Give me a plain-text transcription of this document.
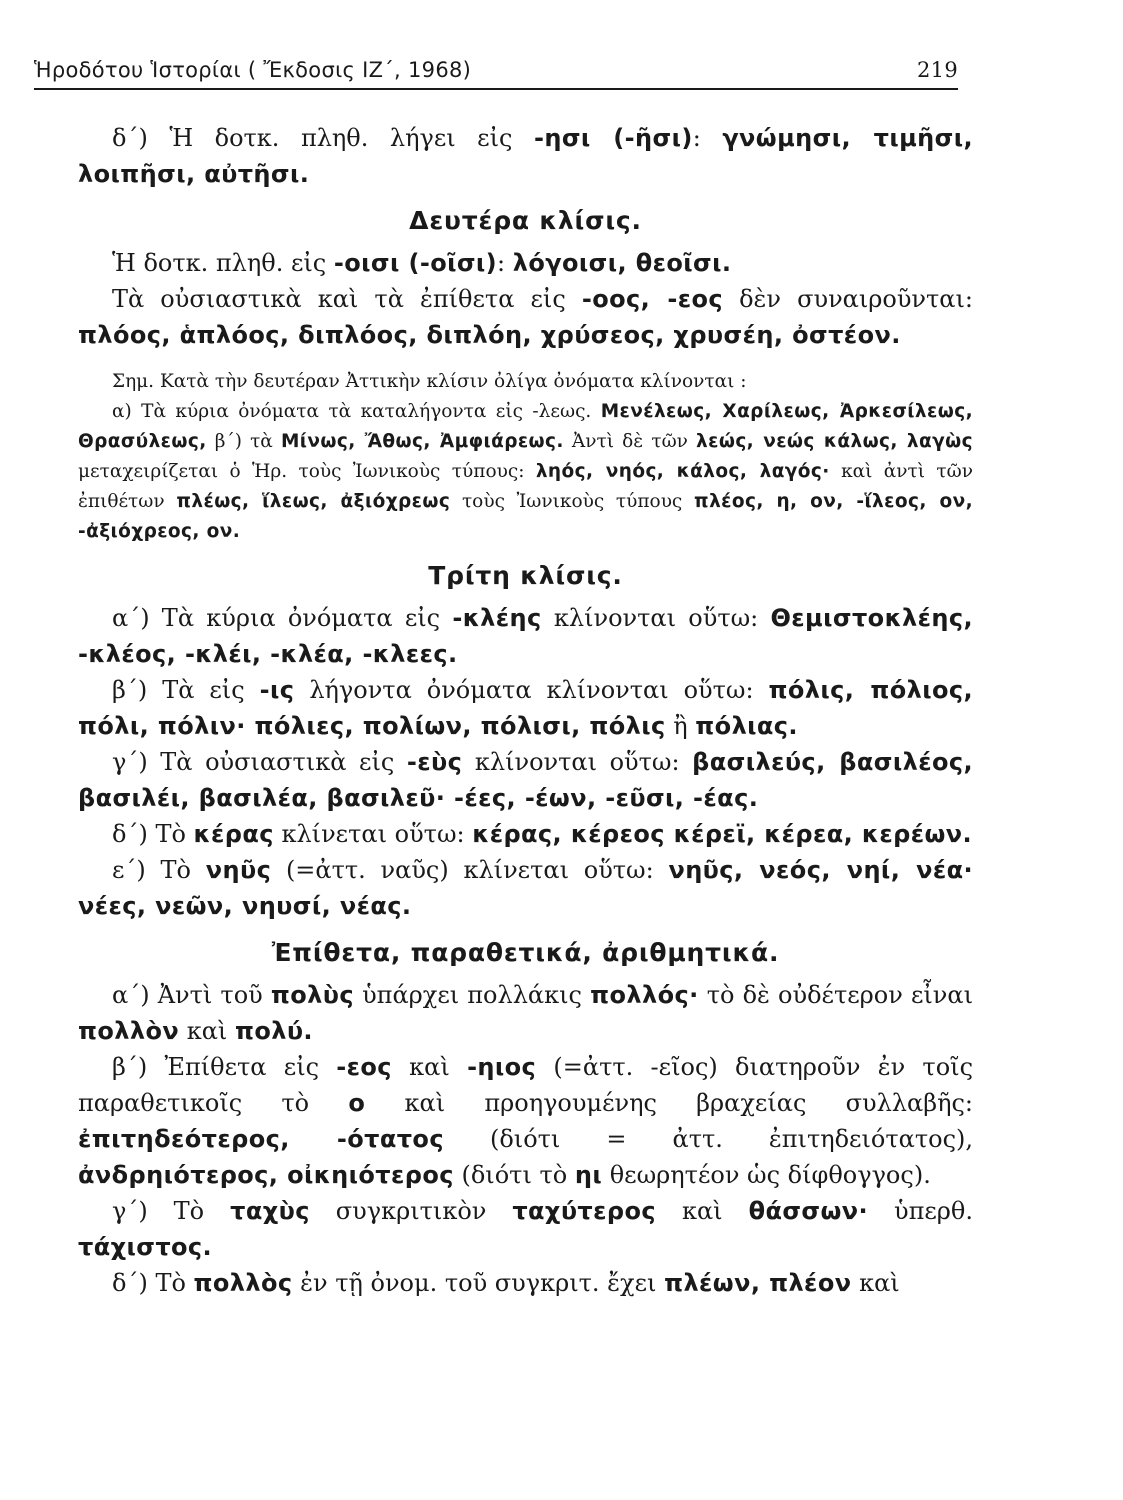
Ἡροδότου Ἱστορίαι ( Ἔκδοσις ΙΖ΄, 1968)	219

δ΄) Ἡ δοτκ. πληθ. λήγει εἰς -ησι (-ῆσι): γνώμησι, τιμῆσι, λοιπῆσι, αὐτῆσι.

Δευτέρα κλίσις.

Ἡ δοτκ. πληθ. εἰς -οισι (-οῖσι): λόγοισι, θεοῖσι.

Τὰ οὐσιαστικὰ καὶ τὰ ἐπίθετα εἰς -οος, -εος δὲν συναιροῦνται: πλόος, ἁπλόος, διπλόος, διπλόη, χρύσεος, χρυσέη, ὀστέον.

Σημ. Κατὰ τὴν δευτέραν Ἀττικὴν κλίσιν ὀλίγα ὀνόματα κλίνονται :

α) Τὰ κύρια ὀνόματα τὰ καταλήγοντα εἰς -λεως. Μενέλεως, Χαρίλεως, Ἀρκεσίλεως, Θρασύλεως, β΄) τὰ Μίνως, Ἄθως, Ἀμφιάρεως. Ἀντὶ δὲ τῶν λεώς, νεώς κάλως, λαγὼς μεταχειρίζεται ὁ Ἡρ. τοὺς Ἰωνικοὺς τύπους: ληός, νηός, κάλος, λαγός· καὶ ἀντὶ τῶν ἐπιθέτων πλέως, ἵλεως, ἀξιόχρεως τοὺς Ἰωνικοὺς τύπους πλέος, η, ον, -ἵλεος, ον, -ἀξιόχρεος, ον.

Τρίτη κλίσις.

α΄) Τὰ κύρια ὀνόματα εἰς -κλέης κλίνονται οὕτω: Θεμιστοκλέης, -κλέος, -κλέι, -κλέα, -κλεες.

β΄) Τὰ εἰς -ις λήγοντα ὀνόματα κλίνονται οὕτω: πόλις, πόλιος, πόλι, πόλιν· πόλιες, πολίων, πόλισι, πόλις ἢ πόλιας.

γ΄) Τὰ οὐσιαστικὰ εἰς -εὺς κλίνονται οὕτω: βασιλεύς, βασιλέος, βασιλέι, βασιλέα, βασιλεῦ· -έες, -έων, -εῦσι, -έας.

δ΄) Τὸ κέρας κλίνεται οὕτω: κέρας, κέρεος κέρεϊ, κέρεα, κερέων.

ε΄) Τὸ νηῦς (=ἀττ. ναῦς) κλίνεται οὕτω: νηῦς, νεός, νηί, νέα· νέες, νεῶν, νηυσί, νέας.

Ἐπίθετα, παραθετικά, ἀριθμητικά.

α΄) Ἀντὶ τοῦ πολὺς ὑπάρχει πολλάκις πολλός· τὸ δὲ οὐδέτερον εἶναι πολλὸν καὶ πολύ.

β΄) Ἐπίθετα εἰς -εος καὶ -ηιος (=ἀττ. -εῖος) διατηροῦν ἐν τοῖς παραθετικοῖς τὸ ο καὶ προηγουμένης βραχείας συλλαβῆς: ἐπιτηδεότερος, -ότατος (διότι = ἀττ. ἐπιτηδειότατος), ἀνδρηιότερος, οἰκηιότερος (διότι τὸ ηι θεωρητέον ὡς δίφθογγος).

γ΄) Τὸ ταχὺς συγκριτικὸν ταχύτερος καὶ θάσσων· ὑπερθ. τάχιστος.

δ΄) Τὸ πολλὸς ἐν τῇ ὀνομ. τοῦ συγκριτ. ἔχει πλέων, πλέον καὶ
